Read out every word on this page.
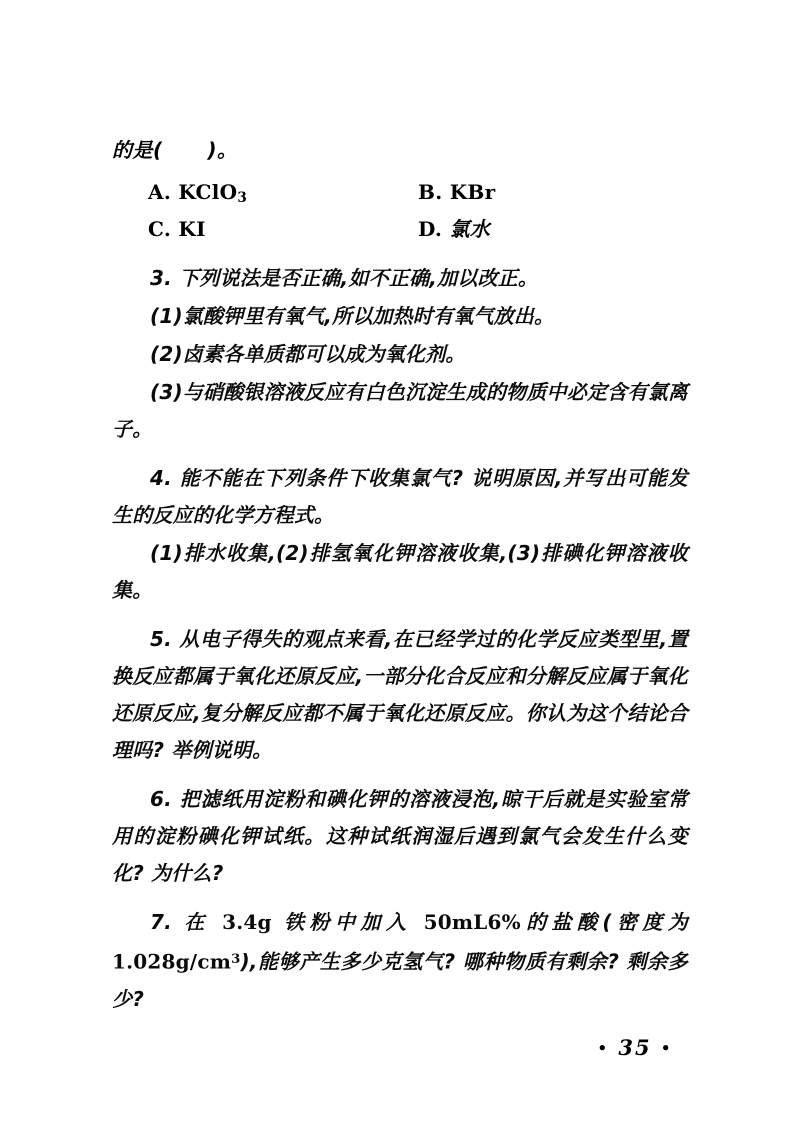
的是(      )。
A. KClO$_3$	B. KBr
C. KI	D. 氯水

3. 下列说法是否正确,如不正确,加以改正。

(1)氯酸钾里有氧气,所以加热时有氧气放出。

(2)卤素各单质都可以成为氧化剂。

(3)与硝酸银溶液反应有白色沉淀生成的物质中必定含有氯离子。

4. 能不能在下列条件下收集氯气? 说明原因,并写出可能发生的反应的化学方程式。

(1)排水收集,(2)排氢氧化钾溶液收集,(3)排碘化钾溶液收集。

5. 从电子得失的观点来看,在已经学过的化学反应类型里,置换反应都属于氧化还原反应,一部分化合反应和分解反应属于氧化还原反应,复分解反应都不属于氧化还原反应。你认为这个结论合理吗? 举例说明。

6. 把滤纸用淀粉和碘化钾的溶液浸泡,晾干后就是实验室常用的淀粉碘化钾试纸。这种试纸润湿后遇到氯气会发生什么变化? 为什么?

7. 在 3.4g 铁粉中加入 50mL6%的盐酸(密度为$1.028g/cm^3$),能够产生多少克氢气? 哪种物质有剩余? 剩余多少?

• 35 •
